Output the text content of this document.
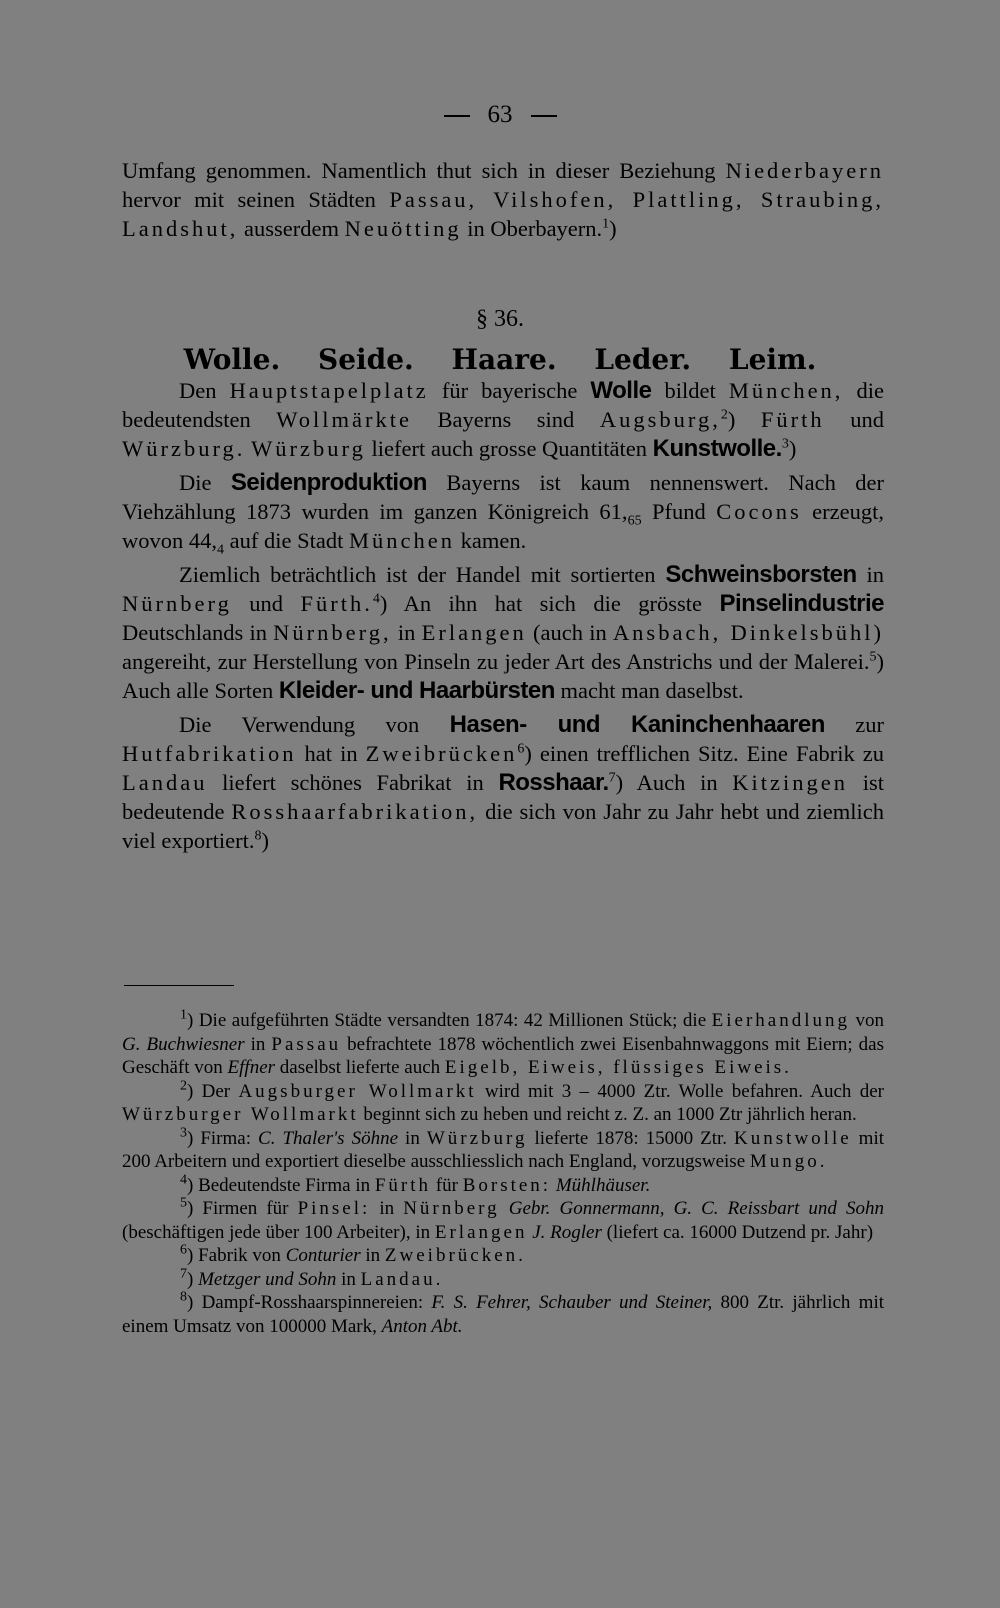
63

Umfang genommen. Namentlich thut sich in dieser Beziehung Niederbayern hervor mit seinen Städten Passau, Vilshofen, Plattling, Straubing, Landshut, ausserdem Neuötting in Oberbayern.$^1$)

§ 36.
Wolle. Seide. Haare. Leder. Leim.

Den Hauptstapelplatz für bayerische Wolle bildet München, die bedeutendsten Wollmärkte Bayerns sind Augsburg,$^2$) Fürth und Würzburg. Würzburg liefert auch grosse Quantitäten Kunstwolle.$^3$)

Die Seidenproduktion Bayerns ist kaum nennenswert. Nach der Viehzählung 1873 wurden im ganzen Königreich $61,_{65}$ Pfund Cocons erzeugt, wovon $44,_4$ auf die Stadt München kamen.

Ziemlich beträchtlich ist der Handel mit sortierten Schweinsborsten in Nürnberg und Fürth.$^4$) An ihn hat sich die grösste Pinselindustrie Deutschlands in Nürnberg, in Erlangen (auch in Ansbach, Dinkelsbühl) angereiht, zur Herstellung von Pinseln zu jeder Art des Anstrichs und der Malerei.$^5$) Auch alle Sorten Kleider- und Haarbürsten macht man daselbst.

Die Verwendung von Hasen- und Kaninchenhaaren zur Hutfabrikation hat in Zweibrücken$^6$) einen trefflichen Sitz. Eine Fabrik zu Landau liefert schönes Fabrikat in Rosshaar.$^7$) Auch in Kitzingen ist bedeutende Rosshaarfabrikation, die sich von Jahr zu Jahr hebt und ziemlich viel exportiert.$^8$)

$^1$) Die aufgeführten Städte versandten 1874: 42 Millionen Stück; die Eierhandlung von G. Buchwiesner in Passau befrachtete 1878 wöchentlich zwei Eisenbahnwaggons mit Eiern; das Geschäft von Effner daselbst lieferte auch Eigelb, Eiweis, flüssiges Eiweis.

$^2$) Der Augsburger Wollmarkt wird mit 3 – 4000 Ztr. Wolle befahren. Auch der Würzburger Wollmarkt beginnt sich zu heben und reicht z. Z. an 1000 Ztr jährlich heran.

$^3$) Firma: C. Thaler's Söhne in Würzburg lieferte 1878: 15000 Ztr. Kunstwolle mit 200 Arbeitern und exportiert dieselbe ausschliesslich nach England, vorzugsweise Mungo.

$^4$) Bedeutendste Firma in Fürth für Borsten: Mühlhäuser.

$^5$) Firmen für Pinsel: in Nürnberg Gebr. Gonnermann, G. C. Reissbart und Sohn (beschäftigen jede über 100 Arbeiter), in Erlangen J. Rogler (liefert ca. 16000 Dutzend pr. Jahr)

$^6$) Fabrik von Conturier in Zweibrücken.

$^7$) Metzger und Sohn in Landau.

$^8$) Dampf-Rosshaarspinnereien: F. S. Fehrer, Schauber und Steiner, 800 Ztr. jährlich mit einem Umsatz von 100000 Mark, Anton Abt.
